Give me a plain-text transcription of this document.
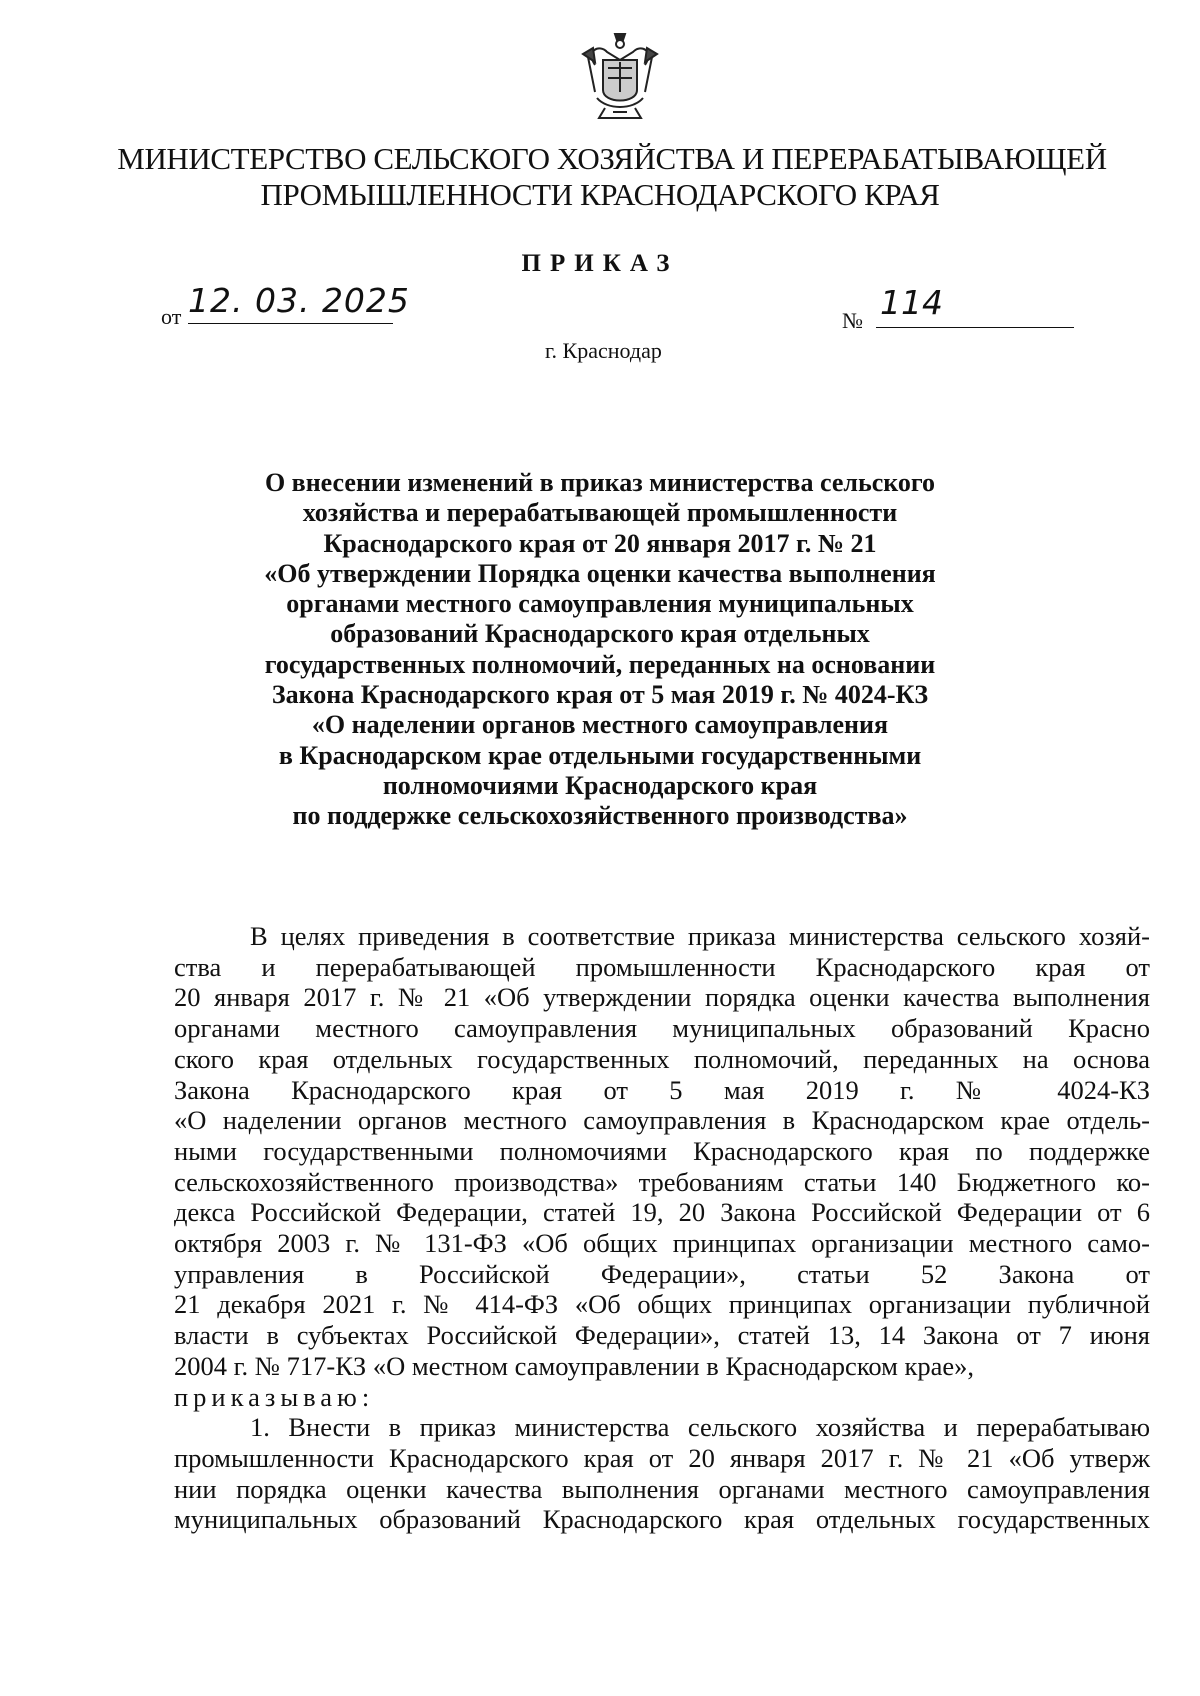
МИНИСТЕРСТВО СЕЛЬСКОГО ХОЗЯЙСТВА И ПЕРЕРАБАТЫВАЮЩЕЙ
ПРОМЫШЛЕННОСТИ КРАСНОДАРСКОГО КРАЯ
ПРИКАЗ
от 12. 03. 2025
№ 114
г. Краснодар
О внесении изменений в приказ министерства сельского
хозяйства и перерабатывающей промышленности
Краснодарского края от 20 января 2017 г. № 21
«Об утверждении Порядка оценки качества выполнения
органами местного самоуправления муниципальных
образований Краснодарского края отдельных
государственных полномочий, переданных на основании
Закона Краснодарского края от 5 мая 2019 г. № 4024-КЗ
«О наделении органов местного самоуправления
в Краснодарском крае отдельными государственными
полномочиями Краснодарского края
по поддержке сельскохозяйственного производства»

В целях приведения в соответствие приказа министерства сельского хозяй-
ства и перерабатывающей промышленности Краснодарского края от
20 января 2017 г. № 21 «Об утверждении порядка оценки качества выполнения
органами местного самоуправления муниципальных образований Красно
ского края отдельных государственных полномочий, переданных на основа
Закона Краснодарского края от 5 мая 2019 г. № 4024-КЗ
«О наделении органов местного самоуправления в Краснодарском крае отдель-
ными государственными полномочиями Краснодарского края по поддержке
сельскохозяйственного производства» требованиям статьи 140 Бюджетного ко-
декса Российской Федерации, статей 19, 20 Закона Российской Федерации от 6
октября 2003 г. № 131-ФЗ «Об общих принципах организации местного само-
управления в Российской Федерации», статьи 52 Закона от
21 декабря 2021 г. № 414-ФЗ «Об общих принципах организации публичной
власти в субъектах Российской Федерации», статей 13, 14 Закона от 7 июня
2004 г. № 717-КЗ «О местном самоуправлении в Краснодарском крае»,

приказываю:

1. Внести в приказ министерства сельского хозяйства и перерабатываю
промышленности Краснодарского края от 20 января 2017 г. № 21 «Об утверж
нии порядка оценки качества выполнения органами местного самоуправления
муниципальных образований Краснодарского края отдельных государственных
